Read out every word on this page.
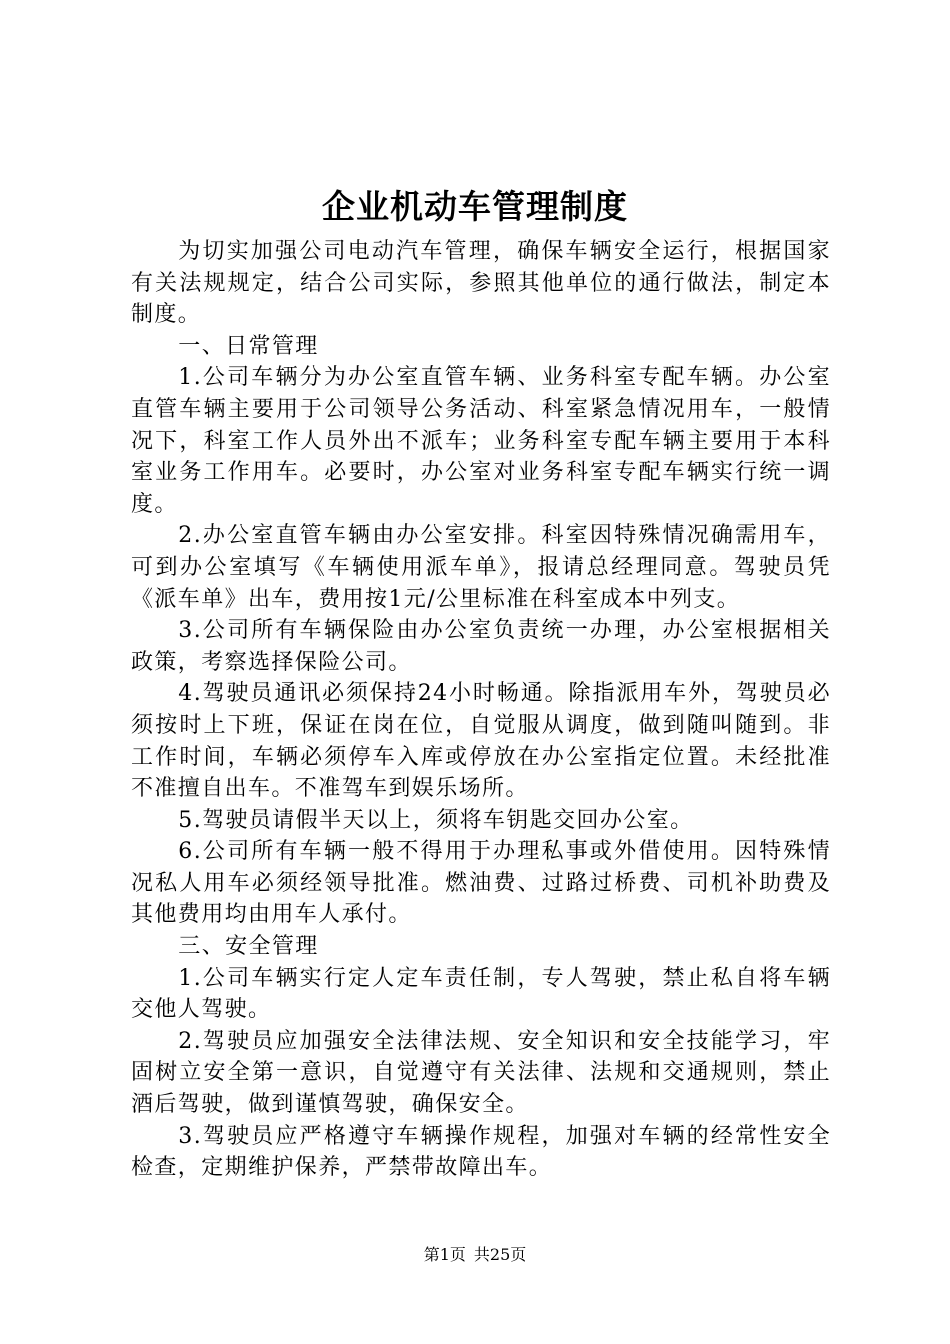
企业机动车管理制度

为切实加强公司电动汽车管理，确保车辆安全运行，根据国家有关法规规定，结合公司实际，参照其他单位的通行做法，制定本制度。

一、日常管理

1.公司车辆分为办公室直管车辆、业务科室专配车辆。办公室直管车辆主要用于公司领导公务活动、科室紧急情况用车，一般情况下，科室工作人员外出不派车；业务科室专配车辆主要用于本科室业务工作用车。必要时，办公室对业务科室专配车辆实行统一调度。

2.办公室直管车辆由办公室安排。科室因特殊情况确需用车，可到办公室填写《车辆使用派车单》，报请总经理同意。驾驶员凭《派车单》出车，费用按1元/公里标准在科室成本中列支。

3.公司所有车辆保险由办公室负责统一办理，办公室根据相关政策，考察选择保险公司。

4.驾驶员通讯必须保持24小时畅通。除指派用车外，驾驶员必须按时上下班，保证在岗在位，自觉服从调度，做到随叫随到。非工作时间，车辆必须停车入库或停放在办公室指定位置。未经批准不准擅自出车。不准驾车到娱乐场所。

5.驾驶员请假半天以上，须将车钥匙交回办公室。

6.公司所有车辆一般不得用于办理私事或外借使用。因特殊情况私人用车必须经领导批准。燃油费、过路过桥费、司机补助费及其他费用均由用车人承付。

三、安全管理

1.公司车辆实行定人定车责任制，专人驾驶，禁止私自将车辆交他人驾驶。

2.驾驶员应加强安全法律法规、安全知识和安全技能学习，牢固树立安全第一意识，自觉遵守有关法律、法规和交通规则，禁止酒后驾驶，做到谨慎驾驶，确保安全。

3.驾驶员应严格遵守车辆操作规程，加强对车辆的经常性安全检查，定期维护保养，严禁带故障出车。

第1页 共25页
